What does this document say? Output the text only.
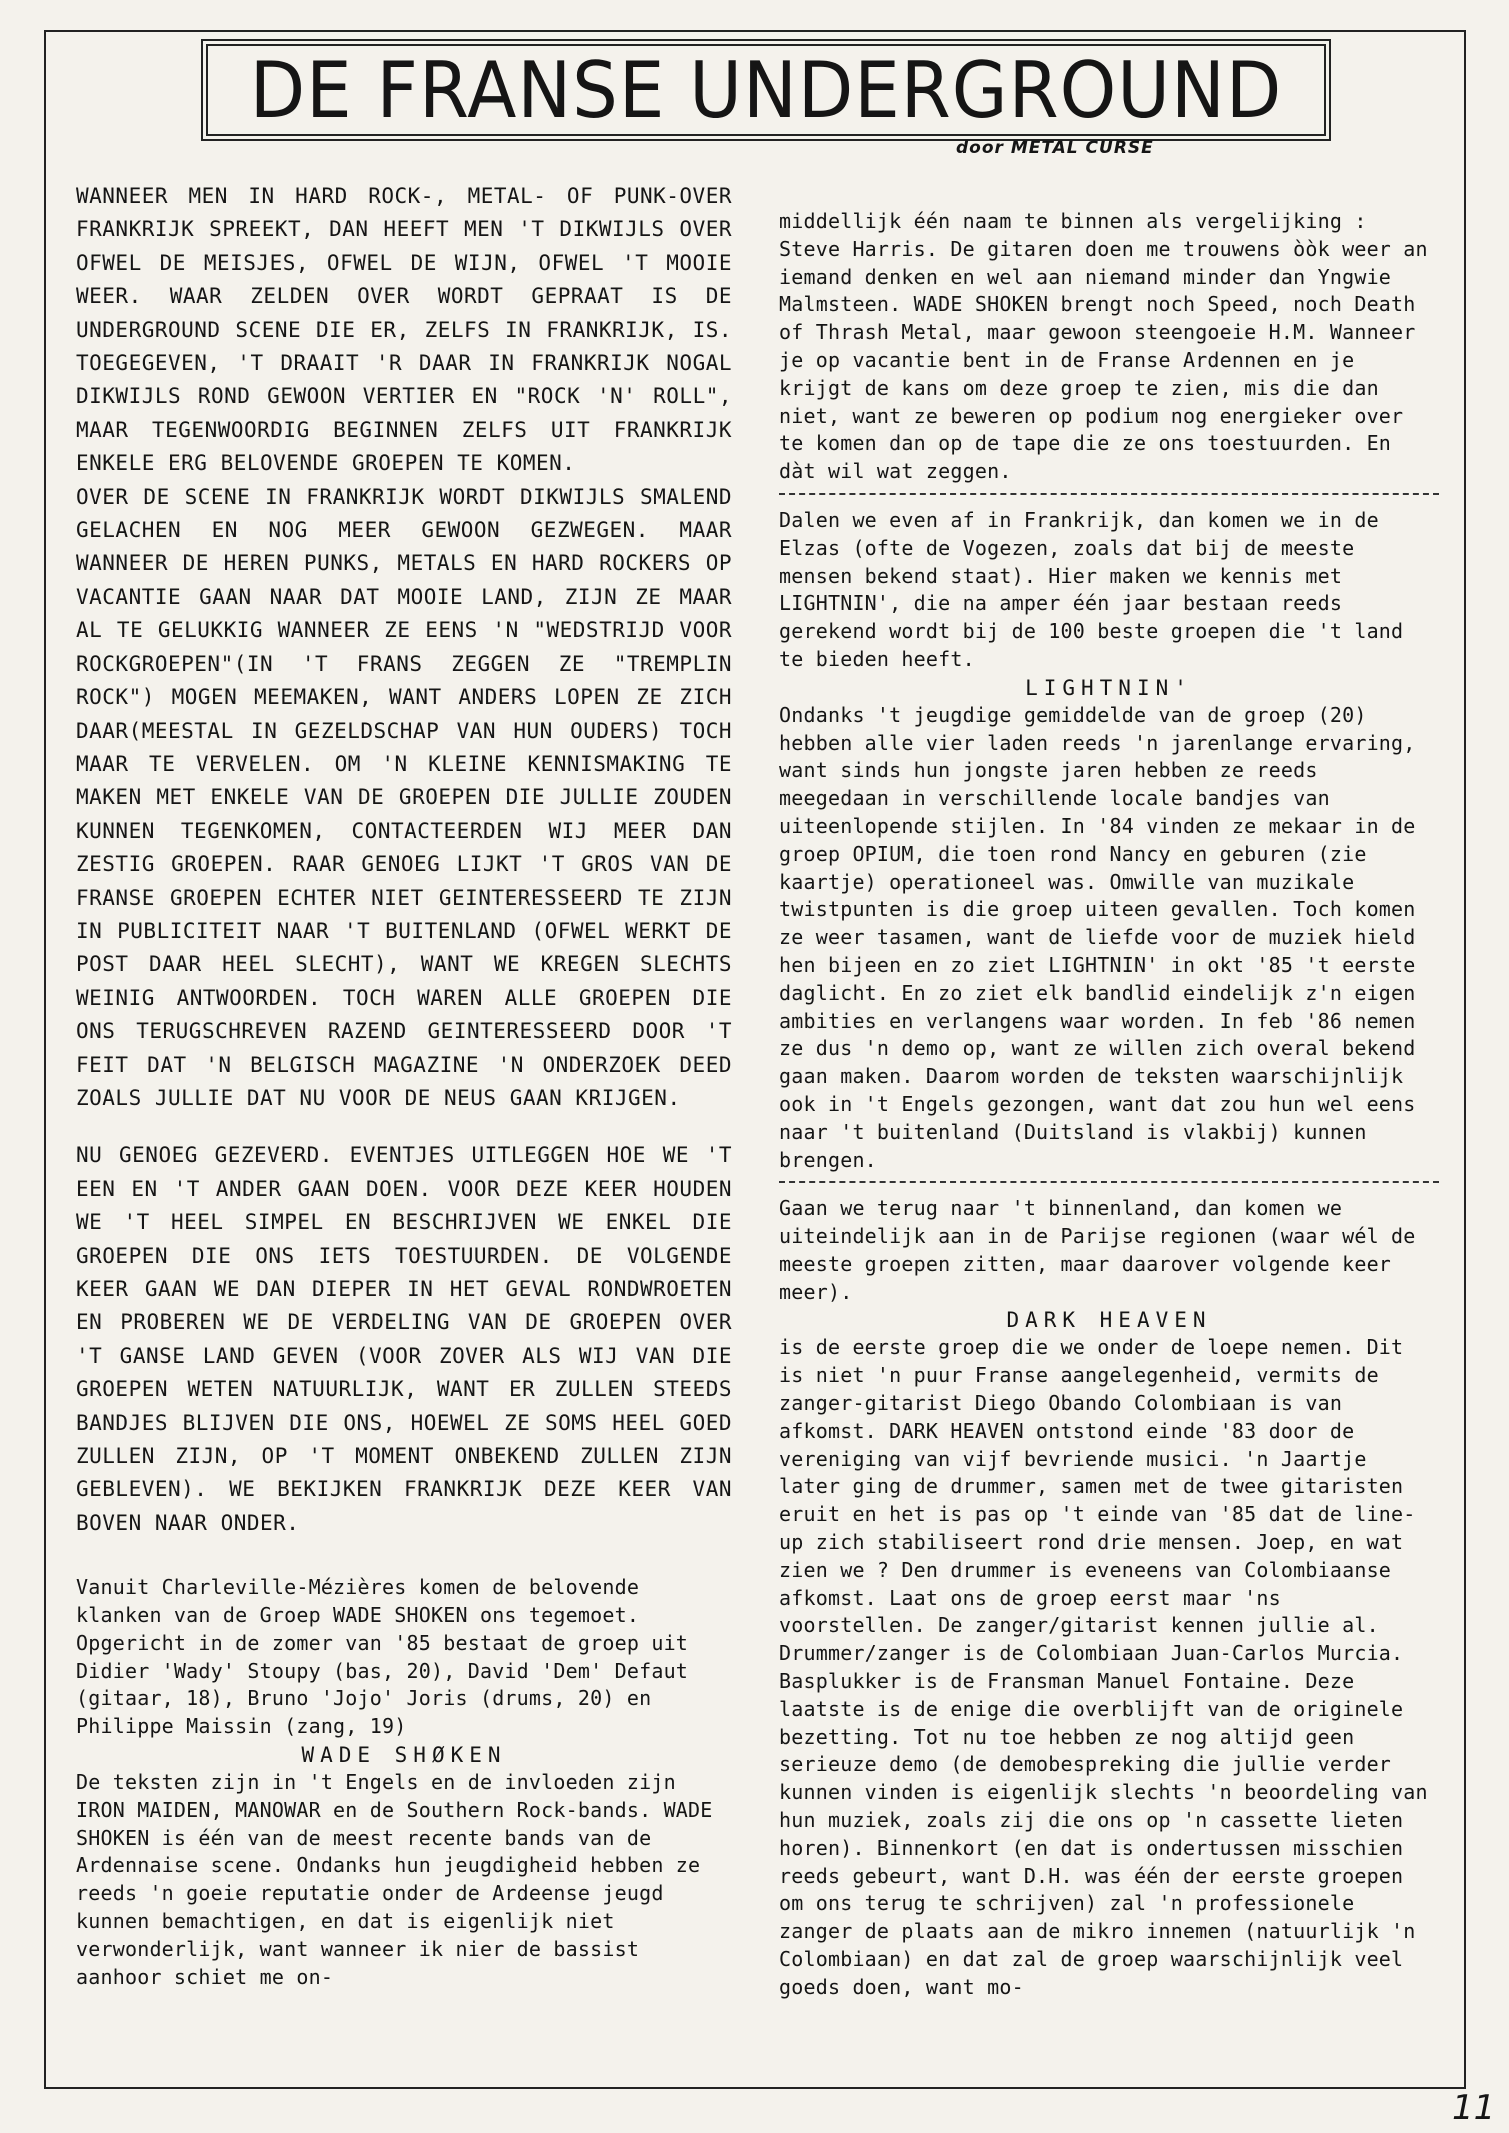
DE FRANSE UNDERGROUND
door METAL CURSE

WANNEER MEN IN HARD ROCK-, METAL- OF PUNK-OVER FRANKRIJK SPREEKT, DAN HEEFT MEN 'T DIKWIJLS OVER OFWEL DE MEISJES, OFWEL DE WIJN, OFWEL 'T MOOIE WEER. WAAR ZELDEN OVER WORDT GEPRAAT IS DE UNDERGROUND SCENE DIE ER, ZELFS IN FRANKRIJK, IS. TOEGEGEVEN, 'T DRAAIT 'R DAAR IN FRANKRIJK NOGAL DIKWIJLS ROND GEWOON VERTIER EN "ROCK 'N' ROLL", MAAR TEGENWOORDIG BEGINNEN ZELFS UIT FRANKRIJK ENKELE ERG BELOVENDE GROEPEN TE KOMEN.

OVER DE SCENE IN FRANKRIJK WORDT DIKWIJLS SMALEND GELACHEN EN NOG MEER GEWOON GEZWEGEN. MAAR WANNEER DE HEREN PUNKS, METALS EN HARD ROCKERS OP VACANTIE GAAN NAAR DAT MOOIE LAND, ZIJN ZE MAAR AL TE GELUKKIG WANNEER ZE EENS 'N "WEDSTRIJD VOOR ROCKGROEPEN"(IN 'T FRANS ZEGGEN ZE "TREMPLIN ROCK") MOGEN MEEMAKEN, WANT ANDERS LOPEN ZE ZICH DAAR(MEESTAL IN GEZELDSCHAP VAN HUN OUDERS) TOCH MAAR TE VERVELEN. OM 'N KLEINE KENNISMAKING TE MAKEN MET ENKELE VAN DE GROEPEN DIE JULLIE ZOUDEN KUNNEN TEGENKOMEN, CONTACTEERDEN WIJ MEER DAN ZESTIG GROEPEN. RAAR GENOEG LIJKT 'T GROS VAN DE FRANSE GROEPEN ECHTER NIET GEINTERESSEERD TE ZIJN IN PUBLICITEIT NAAR 'T BUITENLAND (OFWEL WERKT DE POST DAAR HEEL SLECHT), WANT WE KREGEN SLECHTS WEINIG ANTWOORDEN. TOCH WAREN ALLE GROEPEN DIE ONS TERUGSCHREVEN RAZEND GEINTERESSEERD DOOR 'T FEIT DAT 'N BELGISCH MAGAZINE 'N ONDERZOEK DEED ZOALS JULLIE DAT NU VOOR DE NEUS GAAN KRIJGEN.

NU GENOEG GEZEVERD. EVENTJES UITLEGGEN HOE WE 'T EEN EN 'T ANDER GAAN DOEN. VOOR DEZE KEER HOUDEN WE 'T HEEL SIMPEL EN BESCHRIJVEN WE ENKEL DIE GROEPEN DIE ONS IETS TOESTUURDEN. DE VOLGENDE KEER GAAN WE DAN DIEPER IN HET GEVAL RONDWROETEN EN PROBEREN WE DE VERDELING VAN DE GROEPEN OVER 'T GANSE LAND GEVEN (VOOR ZOVER ALS WIJ VAN DIE GROEPEN WETEN NATUURLIJK, WANT ER ZULLEN STEEDS BANDJES BLIJVEN DIE ONS, HOEWEL ZE SOMS HEEL GOED ZULLEN ZIJN, OP 'T MOMENT ONBEKEND ZULLEN ZIJN GEBLEVEN). WE BEKIJKEN FRANKRIJK DEZE KEER VAN BOVEN NAAR ONDER.

Vanuit Charleville-Mézières komen de belovende klanken van de Groep WADE SHOKEN ons tegemoet. Opgericht in de zomer van '85 bestaat de groep uit Didier 'Wady' Stoupy (bas, 20), David 'Dem' Defaut (gitaar, 18), Bruno 'Jojo' Joris (drums, 20) en Philippe Maissin (zang, 19)

WADE SHØKEN

De teksten zijn in 't Engels en de invloeden zijn IRON MAIDEN, MANOWAR en de Southern Rock-bands. WADE SHOKEN is één van de meest recente bands van de Ardennaise scene. Ondanks hun jeugdigheid hebben ze reeds 'n goeie reputatie onder de Ardeense jeugd kunnen bemachtigen, en dat is eigenlijk niet verwonderlijk, want wanneer ik nier de bassist aanhoor schiet me on-

middellijk één naam te binnen als vergelijking : Steve Harris. De gitaren doen me trouwens òòk weer an iemand denken en wel aan niemand minder dan Yngwie Malmsteen. WADE SHOKEN brengt noch Speed, noch Death of Thrash Metal, maar gewoon steengoeie H.M. Wanneer je op vacantie bent in de Franse Ardennen en je krijgt de kans om deze groep te zien, mis die dan niet, want ze beweren op podium nog energieker over te komen dan op de tape die ze ons toestuurden. En dàt wil wat zeggen.

Dalen we even af in Frankrijk, dan komen we in de Elzas (ofte de Vogezen, zoals dat bij de meeste mensen bekend staat). Hier maken we kennis met LIGHTNIN', die na amper één jaar bestaan reeds gerekend wordt bij de 100 beste groepen die 't land te bieden heeft.

LIGHTNIN'

Ondanks 't jeugdige gemiddelde van de groep (20) hebben alle vier laden reeds 'n jarenlange ervaring, want sinds hun jongste jaren hebben ze reeds meegedaan in verschillende locale bandjes van uiteenlopende stijlen. In '84 vinden ze mekaar in de groep OPIUM, die toen rond Nancy en geburen (zie kaartje) operationeel was. Omwille van muzikale twistpunten is die groep uiteen gevallen. Toch komen ze weer tasamen, want de liefde voor de muziek hield hen bijeen en zo ziet LIGHTNIN' in okt '85 't eerste daglicht. En zo ziet elk bandlid eindelijk z'n eigen ambities en verlangens waar worden. In feb '86 nemen ze dus 'n demo op, want ze willen zich overal bekend gaan maken. Daarom worden de teksten waarschijnlijk ook in 't Engels gezongen, want dat zou hun wel eens naar 't buitenland (Duitsland is vlakbij) kunnen brengen.

Gaan we terug naar 't binnenland, dan komen we uiteindelijk aan in de Parijse regionen (waar wél de meeste groepen zitten, maar daarover volgende keer meer).

DARK HEAVEN

is de eerste groep die we onder de loepe nemen. Dit is niet 'n puur Franse aangelegenheid, vermits de zanger-gitarist Diego Obando Colombiaan is van afkomst. DARK HEAVEN ontstond einde '83 door de vereniging van vijf bevriende musici. 'n Jaartje later ging de drummer, samen met de twee gitaristen eruit en het is pas op 't einde van '85 dat de line-up zich stabiliseert rond drie mensen. Joep, en wat zien we ? Den drummer is eveneens van Colombiaanse afkomst. Laat ons de groep eerst maar 'ns voorstellen. De zanger/gitarist kennen jullie al. Drummer/zanger is de Colombiaan Juan-Carlos Murcia. Basplukker is de Fransman Manuel Fontaine. Deze laatste is de enige die overblijft van de originele bezetting. Tot nu toe hebben ze nog altijd geen serieuze demo (de demobespreking die jullie verder kunnen vinden is eigenlijk slechts 'n beoordeling van hun muziek, zoals zij die ons op 'n cassette lieten horen). Binnenkort (en dat is ondertussen misschien reeds gebeurt, want D.H. was één der eerste groepen om ons terug te schrijven) zal 'n professionele zanger de plaats aan de mikro innemen (natuurlijk 'n Colombiaan) en dat zal de groep waarschijnlijk veel goeds doen, want mo-

11
